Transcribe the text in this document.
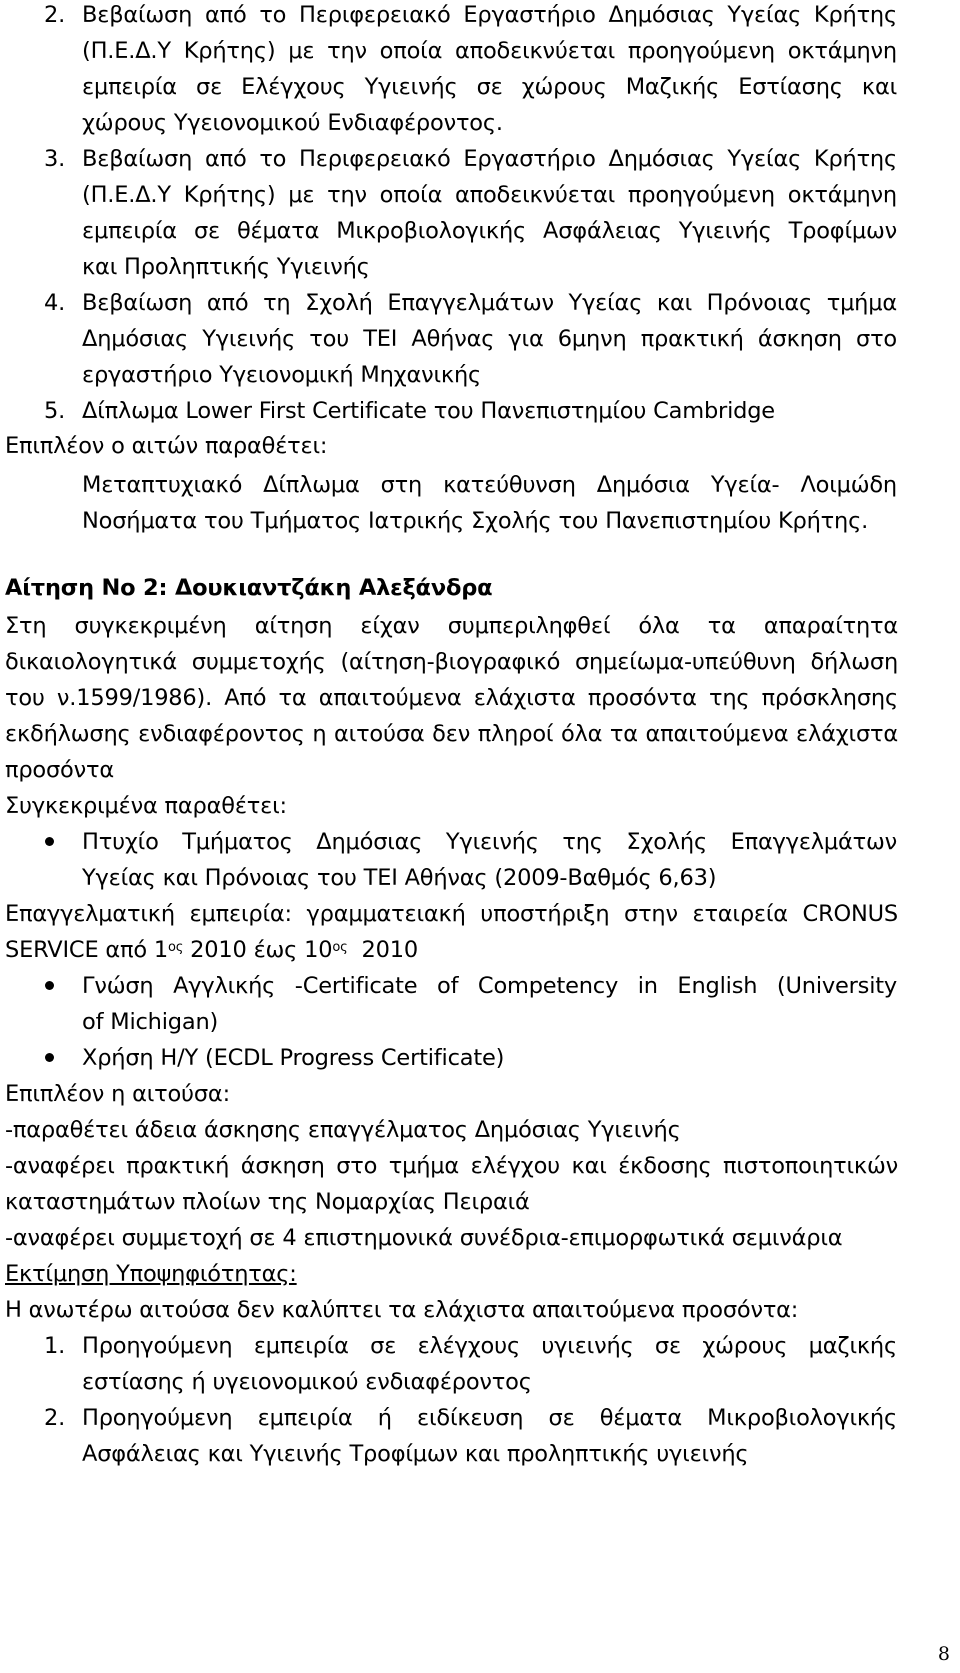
2. Βεβαίωση από το Περιφερειακό Εργαστήριο Δημόσιας Υγείας Κρήτης
(Π.Ε.Δ.Υ Κρήτης) με την οποία αποδεικνύεται προηγούμενη οκτάμηνη
εμπειρία σε Ελέγχους Υγιεινής σε χώρους Μαζικής Εστίασης και
χώρους Υγειονομικού Ενδιαφέροντος.
3. Βεβαίωση από το Περιφερειακό Εργαστήριο Δημόσιας Υγείας Κρήτης
(Π.Ε.Δ.Υ Κρήτης) με την οποία αποδεικνύεται προηγούμενη οκτάμηνη
εμπειρία σε θέματα Μικροβιολογικής Ασφάλειας Υγιεινής Τροφίμων
και Προληπτικής Υγιεινής
4. Βεβαίωση από τη Σχολή Επαγγελμάτων Υγείας και Πρόνοιας τμήμα
Δημόσιας Υγιεινής του ΤΕΙ Αθήνας για 6μηνη πρακτική άσκηση στο
εργαστήριο Υγειονομική Μηχανικής
5. Δίπλωμα Lower First Certificate του Πανεπιστημίου Cambridge
Επιπλέον ο αιτών παραθέτει:
Μεταπτυχιακό Δίπλωμα στη κατεύθυνση Δημόσια Υγεία- Λοιμώδη
Νοσήματα του Τμήματος Ιατρικής Σχολής του Πανεπιστημίου Κρήτης.
Αίτηση Νο 2: Δουκιαντζάκη Αλεξάνδρα
Στη συγκεκριμένη αίτηση είχαν συμπεριληφθεί όλα τα απαραίτητα
δικαιολογητικά συμμετοχής (αίτηση-βιογραφικό σημείωμα-υπεύθυνη δήλωση
του ν.1599/1986). Από τα απαιτούμενα ελάχιστα προσόντα της πρόσκλησης
εκδήλωσης ενδιαφέροντος η αιτούσα δεν πληροί όλα τα απαιτούμενα ελάχιστα
προσόντα
Συγκεκριμένα παραθέτει:
Πτυχίο Τμήματος Δημόσιας Υγιεινής της Σχολής Επαγγελμάτων
Υγείας και Πρόνοιας του ΤΕΙ Αθήνας (2009-Βαθμός 6,63)
Επαγγελματική εμπειρία: γραμματειακή υποστήριξη στην εταιρεία CRONUS
SERVICE από $1^{o\varsigma}$ 2010 έως $10^{o\varsigma}$  2010
Γνώση Αγγλικής -Certificate of Competency in English (University
of Michigan)
Χρήση Η/Υ (ECDL Progress Certificate)
Επιπλέον η αιτούσα:
-παραθέτει άδεια άσκησης επαγγέλματος Δημόσιας Υγιεινής
-αναφέρει πρακτική άσκηση στο τμήμα ελέγχου και έκδοσης πιστοποιητικών
καταστημάτων πλοίων της Νομαρχίας Πειραιά
-αναφέρει συμμετοχή σε 4 επιστημονικά συνέδρια-επιμορφωτικά σεμινάρια
Εκτίμηση Υποψηφιότητας:
Η ανωτέρω αιτούσα δεν καλύπτει τα ελάχιστα απαιτούμενα προσόντα:
1. Προηγούμενη εμπειρία σε ελέγχους υγιεινής σε χώρους μαζικής
εστίασης ή υγειονομικού ενδιαφέροντος
2. Προηγούμενη εμπειρία ή ειδίκευση σε θέματα Μικροβιολογικής
Ασφάλειας και Υγιεινής Τροφίμων και προληπτικής υγιεινής
8
